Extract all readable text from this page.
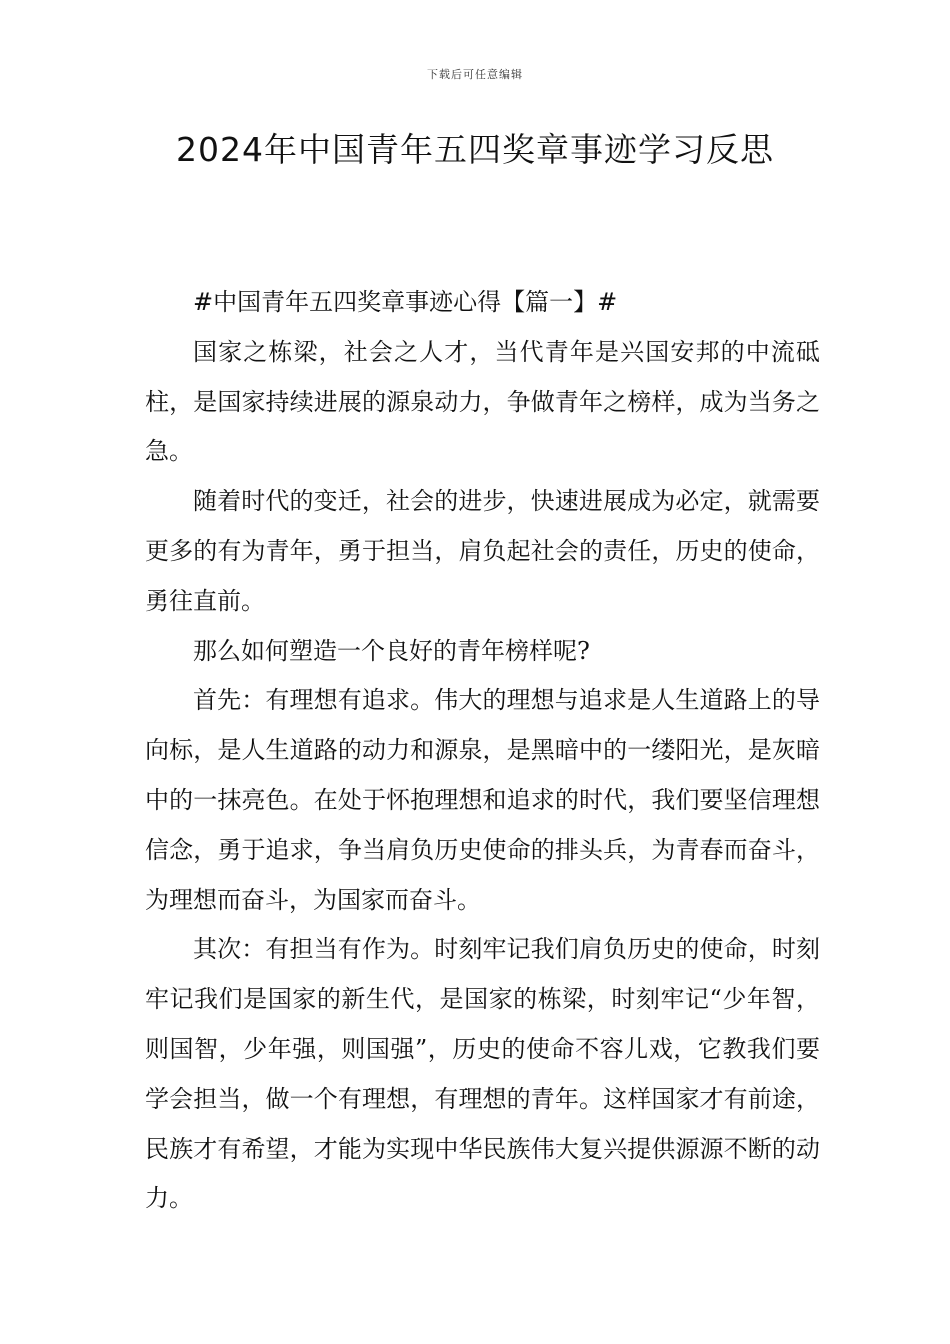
下载后可任意编辑
2024年中国青年五四奖章事迹学习反思

#中国青年五四奖章事迹心得【篇一】#

国家之栋梁，社会之人才，当代青年是兴国安邦的中流砥柱，是国家持续进展的源泉动力，争做青年之榜样，成为当务之急。

随着时代的变迁，社会的进步，快速进展成为必定，就需要更多的有为青年，勇于担当，肩负起社会的责任，历史的使命，勇往直前。

那么如何塑造一个良好的青年榜样呢?

首先：有理想有追求。伟大的理想与追求是人生道路上的导向标，是人生道路的动力和源泉，是黑暗中的一缕阳光，是灰暗中的一抹亮色。在处于怀抱理想和追求的时代，我们要坚信理想信念，勇于追求，争当肩负历史使命的排头兵，为青春而奋斗，为理想而奋斗，为国家而奋斗。

其次：有担当有作为。时刻牢记我们肩负历史的使命，时刻牢记我们是国家的新生代，是国家的栋梁，时刻牢记“少年智，则国智，少年强，则国强”，历史的使命不容儿戏，它教我们要学会担当，做一个有理想，有理想的青年。这样国家才有前途，民族才有希望，才能为实现中华民族伟大复兴提供源源不断的动力。
